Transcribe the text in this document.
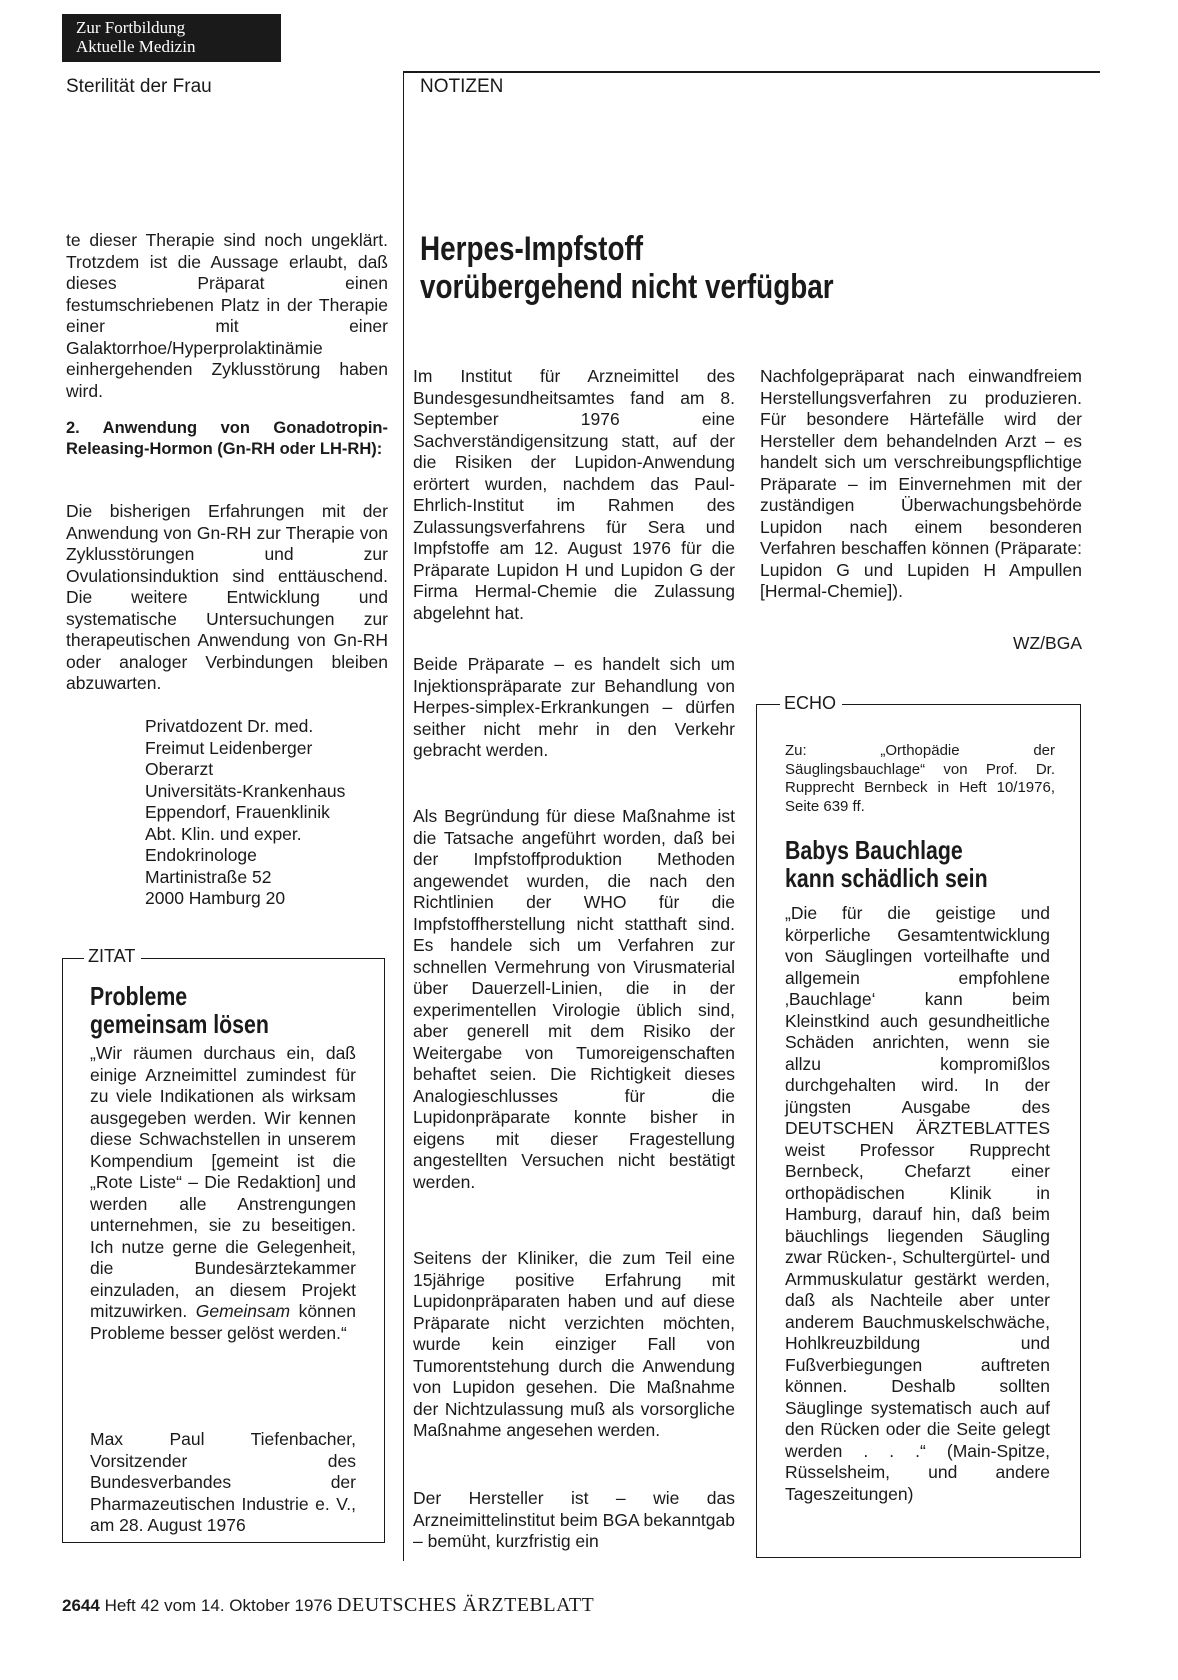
Zur Fortbildung
Aktuelle Medizin
Sterilität der Frau	NOTIZEN
te dieser Therapie sind noch ungeklärt. Trotzdem ist die Aussage erlaubt, daß dieses Präparat einen festumschriebenen Platz in der Therapie einer mit einer Galaktorrhoe/Hyperprolaktinämie einhergehenden Zyklusstörung haben wird.
2. Anwendung von Gonadotropin-Releasing-Hormon (Gn-RH oder LH-RH):
Die bisherigen Erfahrungen mit der Anwendung von Gn-RH zur Therapie von Zyklusstörungen und zur Ovulationsinduktion sind enttäuschend. Die weitere Entwicklung und systematische Untersuchungen zur therapeutischen Anwendung von Gn-RH oder analoger Verbindungen bleiben abzuwarten.
Privatdozent Dr. med.
Freimut Leidenberger
Oberarzt
Universitäts-Krankenhaus
Eppendorf, Frauenklinik
Abt. Klin. und exper.
Endokrinologe
Martinistraße 52
2000 Hamburg 20
ZITAT
Probleme
gemeinsam lösen
„Wir räumen durchaus ein, daß einige Arzneimittel zumindest für zu viele Indikationen als wirksam ausgegeben werden. Wir kennen diese Schwachstellen in unserem Kompendium [gemeint ist die „Rote Liste“ – Die Redaktion] und werden alle Anstrengungen unternehmen, sie zu beseitigen. Ich nutze gerne die Gelegenheit, die Bundesärztekammer einzuladen, an diesem Projekt mitzuwirken. Gemeinsam können Probleme besser gelöst werden.“
Max Paul Tiefenbacher, Vorsitzender des Bundesverbandes der Pharmazeutischen Industrie e. V., am 28. August 1976
Herpes-Impfstoff
vorübergehend nicht verfügbar
Im Institut für Arzneimittel des Bundesgesundheitsamtes fand am 8. September 1976 eine Sachverständigensitzung statt, auf der die Risiken der Lupidon-Anwendung erörtert wurden, nachdem das Paul-Ehrlich-Institut im Rahmen des Zulassungsverfahrens für Sera und Impfstoffe am 12. August 1976 für die Präparate Lupidon H und Lupidon G der Firma Hermal-Chemie die Zulassung abgelehnt hat.
Beide Präparate – es handelt sich um Injektionspräparate zur Behandlung von Herpes-simplex-Erkrankungen – dürfen seither nicht mehr in den Verkehr gebracht werden.
Als Begründung für diese Maßnahme ist die Tatsache angeführt worden, daß bei der Impfstoffproduktion Methoden angewendet wurden, die nach den Richtlinien der WHO für die Impfstoffherstellung nicht statthaft sind. Es handele sich um Verfahren zur schnellen Vermehrung von Virusmaterial über Dauerzell-Linien, die in der experimentellen Virologie üblich sind, aber generell mit dem Risiko der Weitergabe von Tumoreigenschaften behaftet seien. Die Richtigkeit dieses Analogieschlusses für die Lupidonpräparate konnte bisher in eigens mit dieser Fragestellung angestellten Versuchen nicht bestätigt werden.
Seitens der Kliniker, die zum Teil eine 15jährige positive Erfahrung mit Lupidonpräparaten haben und auf diese Präparate nicht verzichten möchten, wurde kein einziger Fall von Tumorentstehung durch die Anwendung von Lupidon gesehen. Die Maßnahme der Nichtzulassung muß als vorsorgliche Maßnahme angesehen werden.
Der Hersteller ist – wie das Arzneimittelinstitut beim BGA bekanntgab – bemüht, kurzfristig ein
Nachfolgepräparat nach einwandfreiem Herstellungsverfahren zu produzieren. Für besondere Härtefälle wird der Hersteller dem behandelnden Arzt – es handelt sich um verschreibungspflichtige Präparate – im Einvernehmen mit der zuständigen Überwachungsbehörde Lupidon nach einem besonderen Verfahren beschaffen können (Präparate: Lupidon G und Lupiden H Ampullen [Hermal-Chemie]).
WZ/BGA
ECHO
Zu: „Orthopädie der Säuglingsbauchlage“ von Prof. Dr. Rupprecht Bernbeck in Heft 10/1976, Seite 639 ff.
Babys Bauchlage
kann schädlich sein
„Die für die geistige und körperliche Gesamtentwicklung von Säuglingen vorteilhafte und allgemein empfohlene ‚Bauchlage‘ kann beim Kleinstkind auch gesundheitliche Schäden anrichten, wenn sie allzu kompromißlos durchgehalten wird. In der jüngsten Ausgabe des DEUTSCHEN ÄRZTEBLATTES weist Professor Rupprecht Bernbeck, Chefarzt einer orthopädischen Klinik in Hamburg, darauf hin, daß beim bäuchlings liegenden Säugling zwar Rücken-, Schultergürtel- und Armmuskulatur gestärkt werden, daß als Nachteile aber unter anderem Bauchmuskelschwäche, Hohlkreuzbildung und Fußverbiegungen auftreten können. Deshalb sollten Säuglinge systematisch auch auf den Rücken oder die Seite gelegt werden . . .“ (Main-Spitze, Rüsselsheim, und andere Tageszeitungen)
2644 Heft 42 vom 14. Oktober 1976 DEUTSCHES ÄRZTEBLATT
